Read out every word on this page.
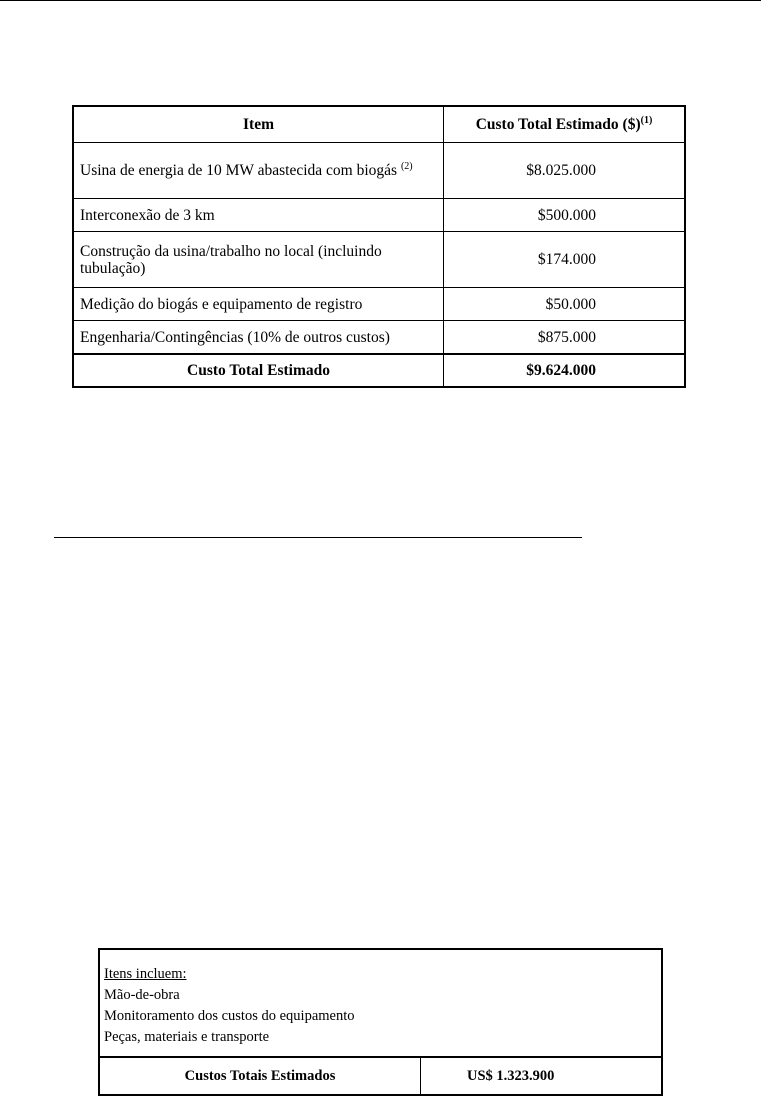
Item	Custo Total Estimado ($)$^{(1)}$
Usina de energia de 10 MW abastecida com biogás $^{(2)}$	$8.025.000
Interconexão de 3 km	$500.000
Construção da usina/trabalho no local (incluindo tubulação)	$174.000
Medição do biogás e equipamento de registro	$50.000
Engenharia/Contingências (10% de outros custos)	$875.000
Custo Total Estimado	$9.624.000
Itens incluem:
Mão-de-obra
Monitoramento dos custos do equipamento
Peças, materiais e transporte

Custos Totais Estimados	US$ 1.323.900
